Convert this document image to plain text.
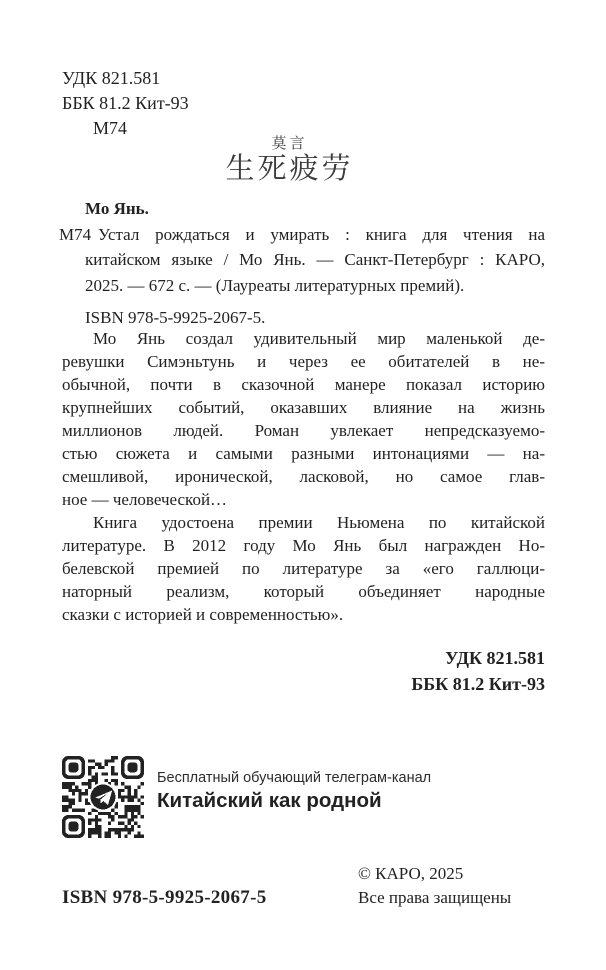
УДК 821.581
ББК 81.2 Кит-93
М74
莫言
生死疲劳
Мо Янь.
М74 Устал рождаться и умирать : книга для чтения на
китайском языке / Мо Янь. — Санкт-Петербург : КАРО,
2025. — 672 с. — (Лауреаты литературных премий).
ISBN 978-5-9925-2067-5.
Мо Янь создал удивительный мир маленькой де-
ревушки Симэньтунь и через ее обитателей в не-
обычной, почти в сказочной манере показал историю
крупнейших событий, оказавших влияние на жизнь
миллионов людей. Роман увлекает непредсказуемо-
стью сюжета и самыми разными интонациями — на-
смешливой, иронической, ласковой, но самое глав-
ное — человеческой…
Книга удостоена премии Ньюмена по китайской
литературе. В 2012 году Мо Янь был награжден Но-
белевской премией по литературе за «его галлюци-
наторный реализм, который объединяет народные
сказки с историей и современностью».
УДК 821.581
ББК 81.2 Кит-93
Бесплатный обучающий телеграм-канал
Китайский как родной
ISBN 978-5-9925-2067-5
© КАРО, 2025
Все права защищены
